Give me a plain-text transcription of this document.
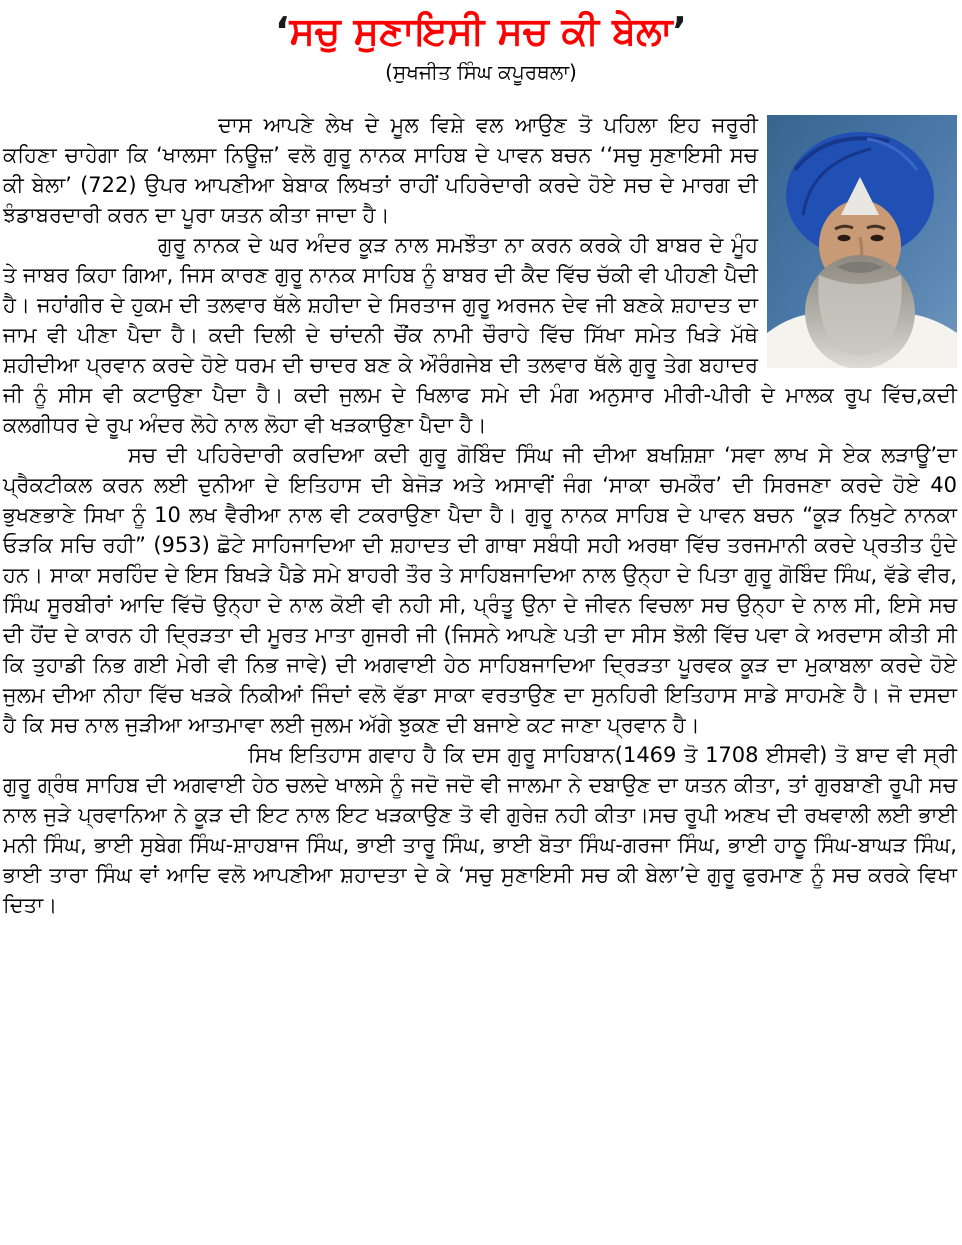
‘ਸਚੁ ਸੁਣਾਇਸੀ ਸਚ ਕੀ ਬੇਲਾ’
(ਸੁਖਜੀਤ ਸਿੰਘ ਕਪੂਰਥਲਾ)

ਦਾਸ ਆਪਣੇ ਲੇਖ ਦੇ ਮੂਲ ਵਿਸ਼ੇ ਵਲ ਆਉਣ ਤੋ ਪਹਿਲਾ ਇਹ ਜਰੂਰੀ ਕਹਿਣਾ ਚਾਹੇਗਾ ਕਿ ‘ਖਾਲਸਾ ਨਿਊਜ਼’ ਵਲੋ ਗੁਰੂ ਨਾਨਕ ਸਾਹਿਬ ਦੇ ਪਾਵਨ ਬਚਨ ‘‘ਸਚੁ ਸੁਣਾਇਸੀ ਸਚ ਕੀ ਬੇਲਾ’ (722) ਉਪਰ ਆਪਣੀਆ ਬੇਬਾਕ ਲਿਖਤਾਂ ਰਾਹੀਂ ਪਹਿਰੇਦਾਰੀ ਕਰਦੇ ਹੋਏ ਸਚ ਦੇ ਮਾਰਗ ਦੀ ਝੰਡਾਬਰਦਾਰੀ ਕਰਨ ਦਾ ਪੂਰਾ ਯਤਨ ਕੀਤਾ ਜਾਦਾ ਹੈ।

ਗੁਰੂ ਨਾਨਕ ਦੇ ਘਰ ਅੰਦਰ ਕੂੜ ਨਾਲ ਸਮਝੌਤਾ ਨਾ ਕਰਨ ਕਰਕੇ ਹੀ ਬਾਬਰ ਦੇ ਮੂੰਹ ਤੇ ਜਾਬਰ ਕਿਹਾ ਗਿਆ, ਜਿਸ ਕਾਰਣ ਗੁਰੂ ਨਾਨਕ ਸਾਹਿਬ ਨੂੰ ਬਾਬਰ ਦੀ ਕੈਦ ਵਿੱਚ ਚੱਕੀ ਵੀ ਪੀਹਣੀ ਪੈਦੀ ਹੈ। ਜਹਾਂਗੀਰ ਦੇ ਹੁਕਮ ਦੀ ਤਲਵਾਰ ਥੱਲੇ ਸ਼ਹੀਦਾ ਦੇ ਸਿਰਤਾਜ ਗੁਰੂ ਅਰਜਨ ਦੇਵ ਜੀ ਬਣਕੇ ਸ਼ਹਾਦਤ ਦਾ ਜਾਮ ਵੀ ਪੀਣਾ ਪੈਦਾ ਹੈ। ਕਦੀ ਦਿਲੀ ਦੇ ਚਾਂਦਨੀ ਚੌਂਕ ਨਾਮੀ ਚੌਰਾਹੇ ਵਿੱਚ ਸਿੱਖਾ ਸਮੇਤ ਖਿੜੇ ਮੱਥੇ ਸ਼ਹੀਦੀਆ ਪ੍ਰਵਾਨ ਕਰਦੇ ਹੋਏ ਧਰਮ ਦੀ ਚਾਦਰ ਬਣ ਕੇ ਔਰੰਗਜੇਬ ਦੀ ਤਲਵਾਰ ਥੱਲੇ ਗੁਰੂ ਤੇਗ ਬਹਾਦਰ ਜੀ ਨੂੰ ਸੀਸ ਵੀ ਕਟਾਉਣਾ ਪੈਦਾ ਹੈ। ਕਦੀ ਜੁਲਮ ਦੇ ਖਿਲਾਫ ਸਮੇ ਦੀ ਮੰਗ ਅਨੁਸਾਰ ਮੀਰੀ-ਪੀਰੀ ਦੇ ਮਾਲਕ ਰੂਪ ਵਿੱਚ,ਕਦੀ ਕਲਗੀਧਰ ਦੇ ਰੂਪ ਅੰਦਰ ਲੋਹੇ ਨਾਲ ਲੋਹਾ ਵੀ ਖੜਕਾਉਣਾ ਪੈਦਾ ਹੈ।

ਸਚ ਦੀ ਪਹਿਰੇਦਾਰੀ ਕਰਦਿਆ ਕਦੀ ਗੁਰੂ ਗੋਬਿੰਦ ਸਿੰਘ ਜੀ ਦੀਆ ਬਖਸ਼ਿਸ਼ਾ ‘ਸਵਾ ਲਾਖ ਸੇ ਏਕ ਲੜਾਊ’ਦਾ ਪ੍ਰੈਕਟੀਕਲ ਕਰਨ ਲਈ ਦੁਨੀਆ ਦੇ ਇਤਿਹਾਸ ਦੀ ਬੇਜੋੜ ਅਤੇ ਅਸਾਵੀਂ ਜੰਗ ‘ਸਾਕਾ ਚਮਕੌਰ’ ਦੀ ਸਿਰਜਣਾ ਕਰਦੇ ਹੋਏ 40 ਭੁਖਣਭਾਣੇ ਸਿਖਾ ਨੂੰ 10 ਲਖ ਵੈਰੀਆ ਨਾਲ ਵੀ ਟਕਰਾਉਣਾ ਪੈਦਾ ਹੈ। ਗੁਰੂ ਨਾਨਕ ਸਾਹਿਬ ਦੇ ਪਾਵਨ ਬਚਨ “ਕੂੜ ਨਿਖੁਟੇ ਨਾਨਕਾ ਓੜਕਿ ਸਚਿ ਰਹੀ” (953) ਛੋਟੇ ਸਾਹਿਜਾਦਿਆ ਦੀ ਸ਼ਹਾਦਤ ਦੀ ਗਾਥਾ ਸਬੰਧੀ ਸਹੀ ਅਰਥਾ ਵਿੱਚ ਤਰਜਮਾਨੀ ਕਰਦੇ ਪ੍ਰਤੀਤ ਹੁੰਦੇ ਹਨ। ਸਾਕਾ ਸਰਹਿੰਦ ਦੇ ਇਸ ਬਿਖੜੇ ਪੈਡੇ ਸਮੇ ਬਾਹਰੀ ਤੌਰ ਤੇ ਸਾਹਿਬਜਾਦਿਆ ਨਾਲ ਉਨ੍ਹਾ ਦੇ ਪਿਤਾ ਗੁਰੂ ਗੋਬਿੰਦ ਸਿੰਘ, ਵੱਡੇ ਵੀਰ, ਸਿੰਘ ਸੂਰਬੀਰਾਂ ਆਦਿ ਵਿੱਚੋ ਉਨ੍ਹਾ ਦੇ ਨਾਲ ਕੋਈ ਵੀ ਨਹੀ ਸੀ, ਪ੍ਰੰਤੂ ਉਨਾ ਦੇ ਜੀਵਨ ਵਿਚਲਾ ਸਚ ਉਨ੍ਹਾ ਦੇ ਨਾਲ ਸੀ, ਇਸੇ ਸਚ ਦੀ ਹੋਂਦ ਦੇ ਕਾਰਨ ਹੀ ਦ੍ਰਿੜਤਾ ਦੀ ਮੂਰਤ ਮਾਤਾ ਗੁਜਰੀ ਜੀ (ਜਿਸਨੇ ਆਪਣੇ ਪਤੀ ਦਾ ਸੀਸ ਝੋਲੀ ਵਿੱਚ ਪਵਾ ਕੇ ਅਰਦਾਸ ਕੀਤੀ ਸੀ ਕਿ ਤੁਹਾਡੀ ਨਿਭ ਗਈ ਮੇਰੀ ਵੀ ਨਿਭ ਜਾਵੇ) ਦੀ ਅਗਵਾਈ ਹੇਠ ਸਾਹਿਬਜਾਦਿਆ ਦ੍ਰਿੜਤਾ ਪੂਰਵਕ ਕੂੜ ਦਾ ਮੁਕਾਬਲਾ ਕਰਦੇ ਹੋਏ ਜੁਲਮ ਦੀਆ ਨੀਹਾ ਵਿੱਚ ਖੜਕੇ ਨਿਕੀਆਂ ਜਿੰਦਾਂ ਵਲੋ ਵੱਡਾ ਸਾਕਾ ਵਰਤਾਉਣ ਦਾ ਸੁਨਹਿਰੀ ਇਤਿਹਾਸ ਸਾਡੇ ਸਾਹਮਣੇ ਹੈ। ਜੋ ਦਸਦਾ ਹੈ ਕਿ ਸਚ ਨਾਲ ਜੁੜੀਆ ਆਤਮਾਵਾ ਲਈ ਜੁਲਮ ਅੱਗੇ ਝੁਕਣ ਦੀ ਬਜਾਏ ਕਟ ਜਾਣਾ ਪ੍ਰਵਾਨ ਹੈ।

ਸਿਖ ਇਤਿਹਾਸ ਗਵਾਹ ਹੈ ਕਿ ਦਸ ਗੁਰੂ ਸਾਹਿਬਾਨ(1469 ਤੋ 1708 ਈਸਵੀ) ਤੋ ਬਾਦ ਵੀ ਸ੍ਰੀ ਗੁਰੂ ਗ੍ਰੰਥ ਸਾਹਿਬ ਦੀ ਅਗਵਾਈ ਹੇਠ ਚਲਦੇ ਖਾਲਸੇ ਨੂੰ ਜਦੋ ਜਦੋ ਵੀ ਜਾਲਮਾ ਨੇ ਦਬਾਉਣ ਦਾ ਯਤਨ ਕੀਤਾ, ਤਾਂ ਗੁਰਬਾਣੀ ਰੂਪੀ ਸਚ ਨਾਲ ਜੁੜੇ ਪ੍ਰਵਾਨਿਆ ਨੇ ਕੂੜ ਦੀ ਇਟ ਨਾਲ ਇਟ ਖੜਕਾਉਣ ਤੋ ਵੀ ਗੁਰੇਜ਼ ਨਹੀ ਕੀਤਾ।ਸਚ ਰੂਪੀ ਅਣਖ ਦੀ ਰਖਵਾਲੀ ਲਈ ਭਾਈ ਮਨੀ ਸਿੰਘ, ਭਾਈ ਸੁਬੇਗ ਸਿੰਘ-ਸ਼ਾਹਬਾਜ ਸਿੰਘ, ਭਾਈ ਤਾਰੂ ਸਿੰਘ, ਭਾਈ ਬੋਤਾ ਸਿੰਘ-ਗਰਜਾ ਸਿੰਘ, ਭਾਈ ਹਾਠੂ ਸਿੰਘ-ਬਾਘੜ ਸਿੰਘ, ਭਾਈ ਤਾਰਾ ਸਿੰਘ ਵਾਂ ਆਦਿ ਵਲੋ ਆਪਣੀਆ ਸ਼ਹਾਦਤਾ ਦੇ ਕੇ ‘ਸਚੁ ਸੁਣਾਇਸੀ ਸਚ ਕੀ ਬੇਲਾ’ਦੇ ਗੁਰੂ ਫੁਰਮਾਣ ਨੂੰ ਸਚ ਕਰਕੇ ਵਿਖਾ ਦਿਤਾ।
